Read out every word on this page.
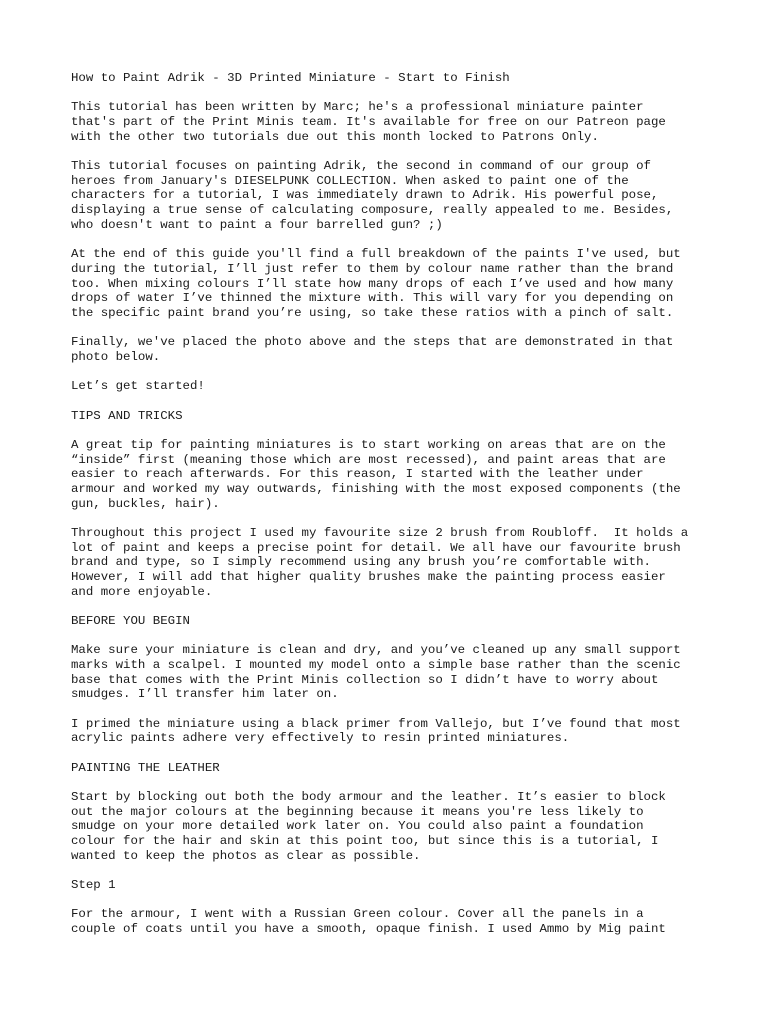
How to Paint Adrik - 3D Printed Miniature - Start to Finish
This tutorial has been written by Marc; he's a professional miniature painter
that's part of the Print Minis team. It's available for free on our Patreon page
with the other two tutorials due out this month locked to Patrons Only.
This tutorial focuses on painting Adrik, the second in command of our group of
heroes from January's DIESELPUNK COLLECTION. When asked to paint one of the
characters for a tutorial, I was immediately drawn to Adrik. His powerful pose,
displaying a true sense of calculating composure, really appealed to me. Besides,
who doesn't want to paint a four barrelled gun? ;)
At the end of this guide you'll find a full breakdown of the paints I've used, but
during the tutorial, I’ll just refer to them by colour name rather than the brand
too. When mixing colours I’ll state how many drops of each I’ve used and how many
drops of water I’ve thinned the mixture with. This will vary for you depending on
the specific paint brand you’re using, so take these ratios with a pinch of salt.
Finally, we've placed the photo above and the steps that are demonstrated in that
photo below.
Let’s get started!
TIPS AND TRICKS
A great tip for painting miniatures is to start working on areas that are on the
“inside” first (meaning those which are most recessed), and paint areas that are
easier to reach afterwards. For this reason, I started with the leather under
armour and worked my way outwards, finishing with the most exposed components (the
gun, buckles, hair).
Throughout this project I used my favourite size 2 brush from Roubloff.  It holds a
lot of paint and keeps a precise point for detail. We all have our favourite brush
brand and type, so I simply recommend using any brush you’re comfortable with.
However, I will add that higher quality brushes make the painting process easier
and more enjoyable.
BEFORE YOU BEGIN
Make sure your miniature is clean and dry, and you’ve cleaned up any small support
marks with a scalpel. I mounted my model onto a simple base rather than the scenic
base that comes with the Print Minis collection so I didn’t have to worry about
smudges. I’ll transfer him later on.
I primed the miniature using a black primer from Vallejo, but I’ve found that most
acrylic paints adhere very effectively to resin printed miniatures.
PAINTING THE LEATHER
Start by blocking out both the body armour and the leather. It’s easier to block
out the major colours at the beginning because it means you're less likely to
smudge on your more detailed work later on. You could also paint a foundation
colour for the hair and skin at this point too, but since this is a tutorial, I
wanted to keep the photos as clear as possible.
Step 1
For the armour, I went with a Russian Green colour. Cover all the panels in a
couple of coats until you have a smooth, opaque finish. I used Ammo by Mig paint
